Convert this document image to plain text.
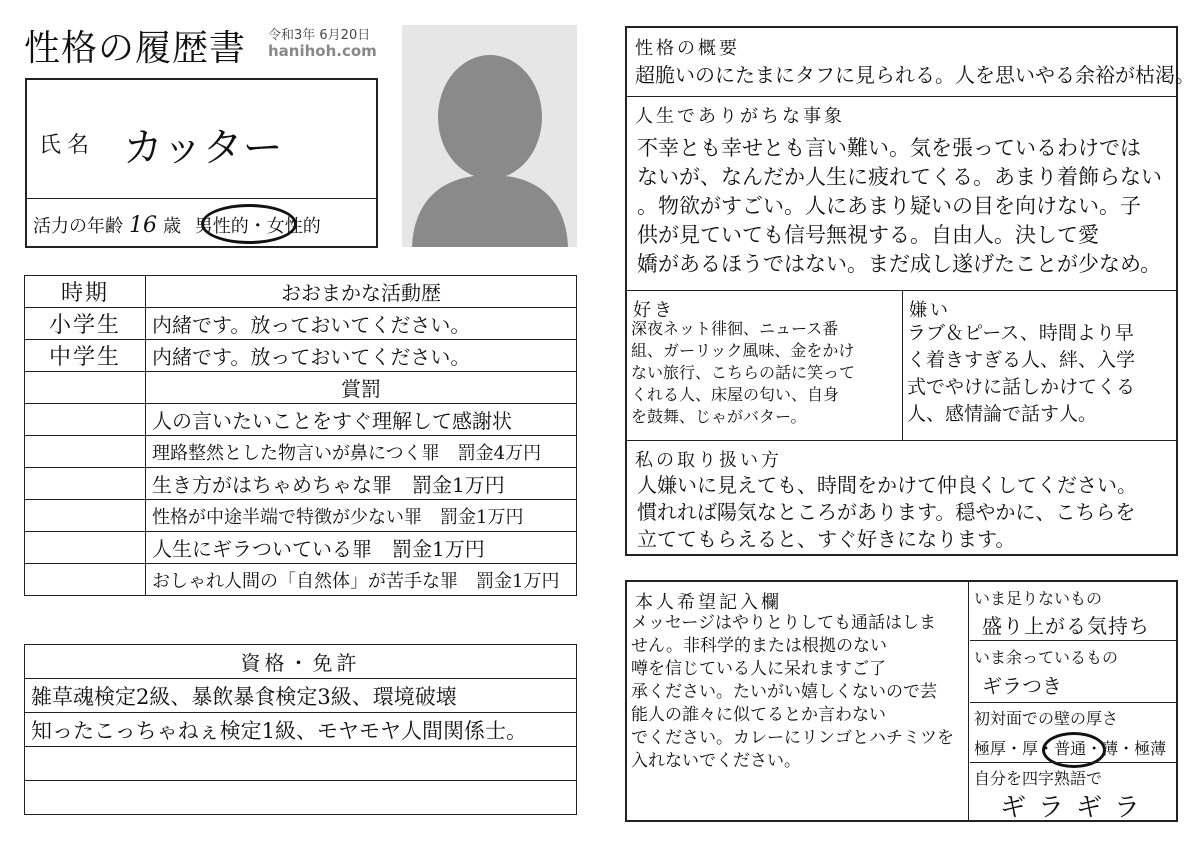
性格の履歴書 令和3年 6月20日
hanihoh.com
氏名 カッター
活力の年齢 16 歳 男性的・女性的
時期	おおまかな活動歴
小学生	内緒です。放っておいてください。
中学生	内緒です。放っておいてください。
	賞罰
	人の言いたいことをすぐ理解して感謝状
	理路整然とした物言いが鼻につく罪　罰金4万円
	生き方がはちゃめちゃな罪　罰金1万円
	性格が中途半端で特徴が少ない罪　罰金1万円
	人生にギラついている罪　罰金1万円
	おしゃれ人間の「自然体」が苦手な罪　罰金1万円
資格・免許
雑草魂検定2級、暴飲暴食検定3級、環境破壊
知ったこっちゃねぇ検定1級、モヤモヤ人間関係士。

性格の概要
超脆いのにたまにタフに見られる。人を思いやる余裕が枯渇。
人生でありがちな事象
不幸とも幸せとも言い難い。気を張っているわけでは
ないが、なんだか人生に疲れてくる。あまり着飾らない
。物欲がすごい。人にあまり疑いの目を向けない。子
供が見ていても信号無視する。自由人。決して愛
嬌があるほうではない。まだ成し遂げたことが少なめ。
好き
深夜ネット徘徊、ニュース番
組、ガーリック風味、金をかけ
ない旅行、こちらの話に笑って
くれる人、床屋の匂い、自身
を鼓舞、じゃがバター。
嫌い
ラブ＆ピース、時間より早
く着きすぎる人、絆、入学
式でやけに話しかけてくる
人、感情論で話す人。
私の取り扱い方
人嫌いに見えても、時間をかけて仲良くしてください。
慣れれば陽気なところがあります。穏やかに、こちらを
立ててもらえると、すぐ好きになります。
本人希望記入欄
メッセージはやりとりしても通話はしま
せん。非科学的または根拠のない
噂を信じている人に呆れますご了
承ください。たいがい嬉しくないので芸
能人の誰々に似てるとか言わない
でください。カレーにリンゴとハチミツを
入れないでください。
いま足りないもの
盛り上がる気持ち
いま余っているもの
ギラつき
初対面での壁の厚さ
極厚・厚・普通・薄・極薄
自分を四字熟語で
ギラギラ
